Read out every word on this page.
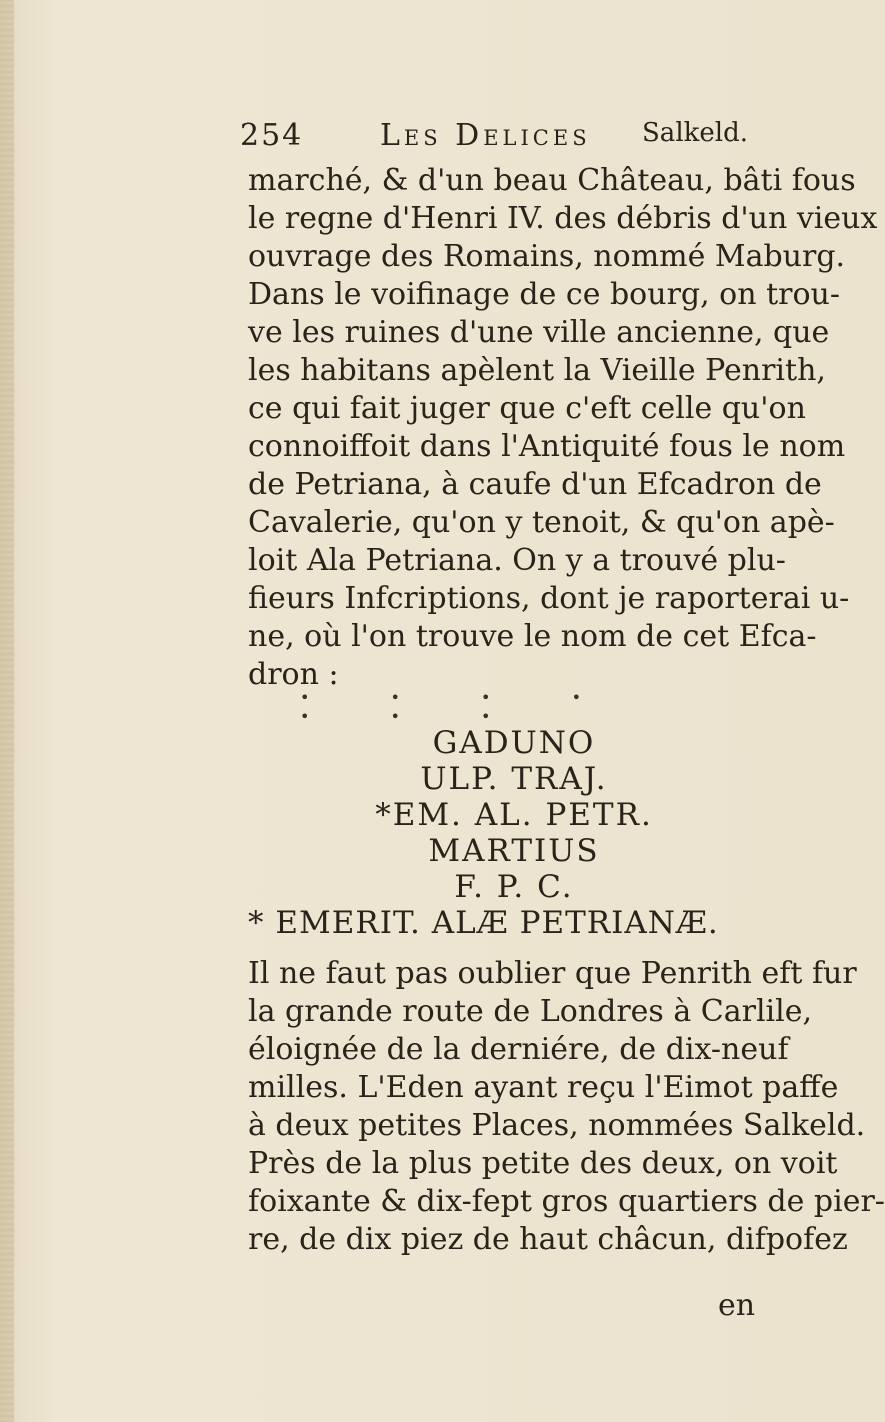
254	Les Delices Salkeld.
marché, & d'un beau Château, bâti fous
le regne d'Henri IV. des débris d'un vieux
ouvrage des Romains, nommé Maburg.
Dans le voifinage de ce bourg, on trou-
ve les ruines d'une ville ancienne, que
les habitans apèlent la Vieille Penrith,
ce qui fait juger que c'eft celle qu'on
connoiffoit dans l'Antiquité fous le nom
de Petriana, à caufe d'un Efcadron de
Cavalerie, qu'on y tenoit, & qu'on apè-
loit Ala Petriana. On y a trouvé plu-
fieurs Infcriptions, dont je raporterai u-
ne, où l'on trouve le nom de cet Efca-
dron :
• • • • • • •
GADUNO
ULP. TRAJ.
*EM. AL. PETR.
MARTIUS
F. P. C.
* EMERIT. ALÆ PETRIANÆ.
Il ne faut pas oublier que Penrith eft fur
la grande route de Londres à Carlile,
éloignée de la derniére, de dix-neuf
milles. L'Eden ayant reçu l'Eimot paffe
à deux petites Places, nommées Salkeld.
Près de la plus petite des deux, on voit
foixante & dix-fept gros quartiers de pier-
re, de dix piez de haut châcun, difpofez
en
